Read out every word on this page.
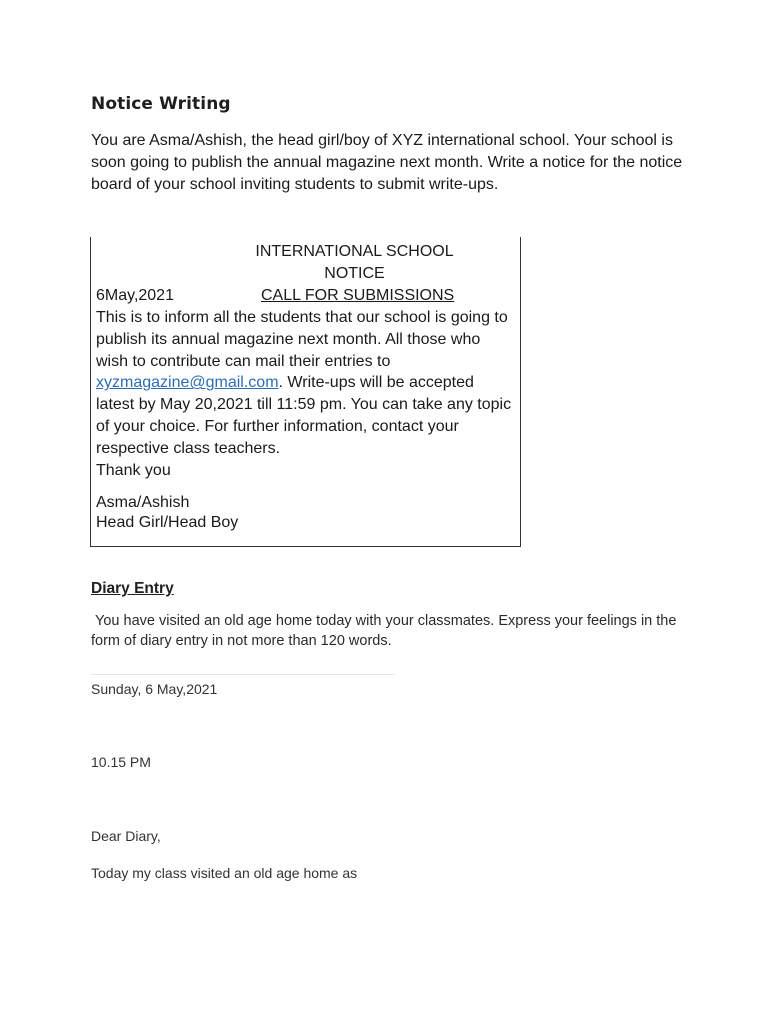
Notice Writing
You are Asma/Ashish, the head girl/boy of XYZ international school. Your school is soon going to publish the annual magazine next month. Write a notice for the notice board of your school inviting students to submit write-ups.
INTERNATIONAL SCHOOL
NOTICE
6May,2021	CALL FOR SUBMISSIONS
This is to inform all the students that our school is going to publish its annual magazine next month. All those who wish to contribute can mail their entries to xyzmagazine@gmail.com. Write-ups will be accepted latest by May 20,2021 till 11:59 pm. You can take any topic of your choice. For further information, contact your respective class teachers.
Thank you
Asma/Ashish
Head Girl/Head Boy
Diary Entry
You have visited an old age home today with your classmates. Express your feelings in the form of diary entry in not more than 120 words.
Sunday, 6 May,2021
10.15 PM
Dear Diary,
Today my class visited an old age home as
